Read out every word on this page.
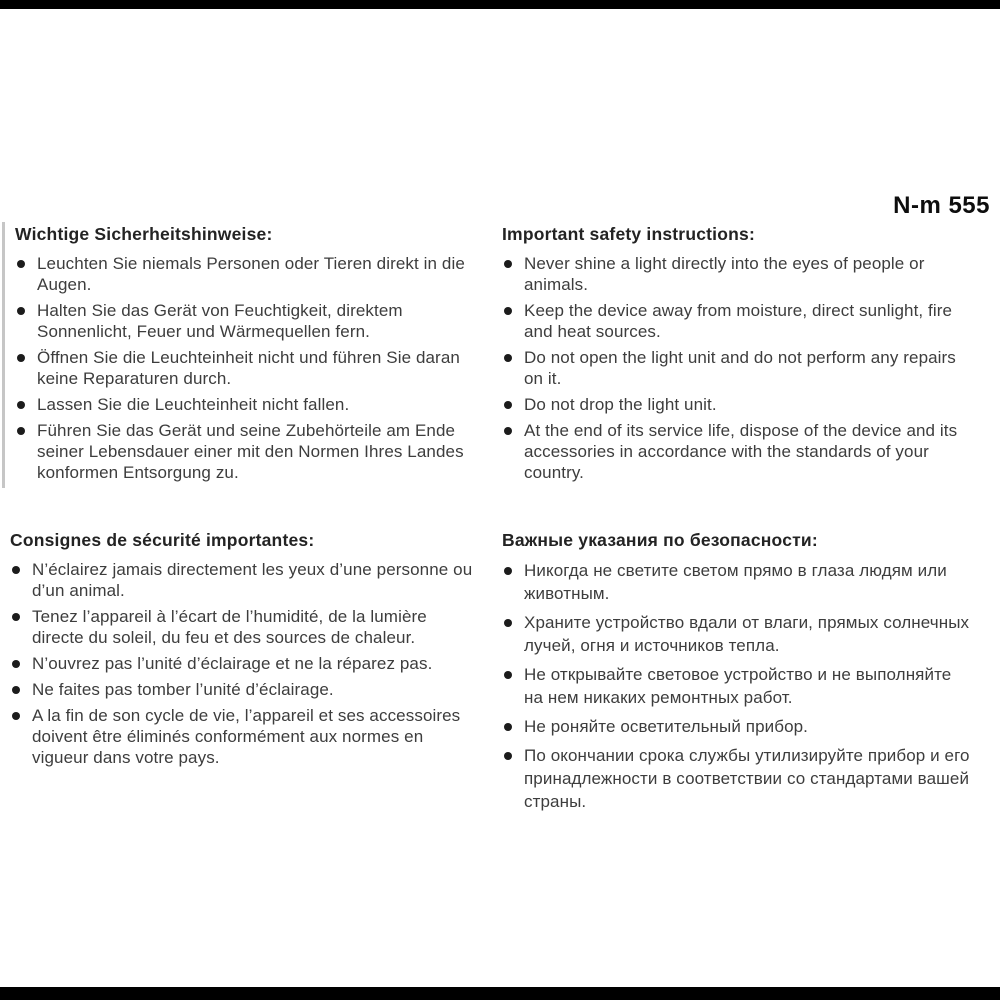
N-m 555
Wichtige Sicherheitshinweise:
Leuchten Sie niemals Personen oder Tieren direkt in die Augen.
Halten Sie das Gerät von Feuchtigkeit, direktem Sonnenlicht, Feuer und Wärmequellen fern.
Öffnen Sie die Leuchteinheit nicht und führen Sie daran keine Reparaturen durch.
Lassen Sie die Leuchteinheit nicht fallen.
Führen Sie das Gerät und seine Zubehörteile am Ende seiner Lebensdauer einer mit den Normen Ihres Landes konformen Entsorgung zu.
Important safety instructions:
Never shine a light directly into the eyes of people or animals.
Keep the device away from moisture, direct sunlight, fire and heat sources.
Do not open the light unit and do not perform any repairs on it.
Do not drop the light unit.
At the end of its service life, dispose of the device and its accessories in accordance with the standards of your country.
Consignes de sécurité importantes:
N’éclairez jamais directement les yeux d’une personne ou d’un animal.
Tenez l’appareil à l’écart de l’humidité, de la lumière directe du soleil, du feu et des sources de chaleur.
N’ouvrez pas l’unité d’éclairage et ne la réparez pas.
Ne faites pas tomber l’unité d’éclairage.
A la fin de son cycle de vie, l’appareil et ses accessoires doivent être éliminés conformément aux normes en vigueur dans votre pays.
Важные указания по безопасности:
Никогда не светите светом прямо в глаза людям или животным.
Храните устройство вдали от влаги, прямых солнечных лучей, огня и источников тепла.
Не открывайте световое устройство и не выполняйте на нем никаких ремонтных работ.
Не роняйте осветительный прибор.
По окончании срока службы утилизируйте прибор и его принадлежности в соответствии со стандартами вашей страны.
